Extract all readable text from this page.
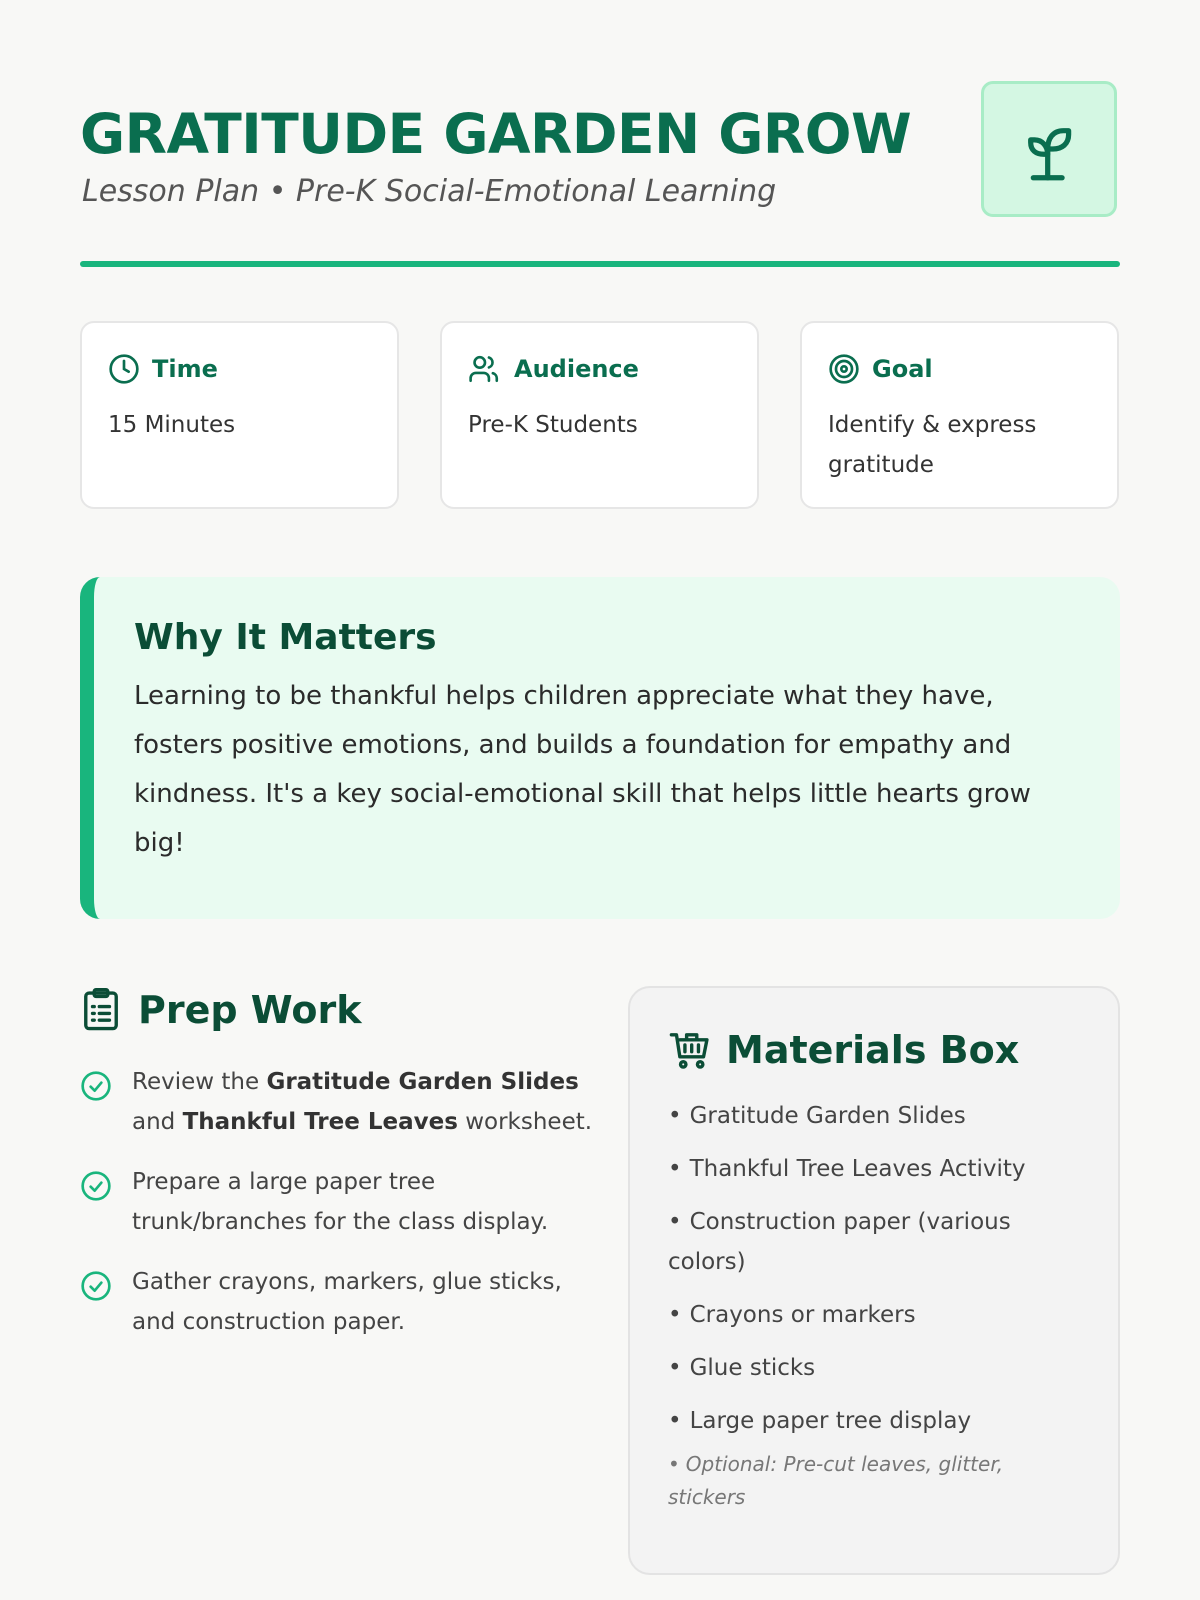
GRATITUDE GARDEN GROW
Lesson Plan • Pre-K Social-Emotional Learning
Time
15 Minutes
Audience
Pre-K Students
Goal
Identify & express gratitude
Why It Matters

Learning to be thankful helps children appreciate what they have, fosters positive emotions, and builds a foundation for empathy and kindness. It's a key social-emotional skill that helps little hearts grow big!

Prep Work
Review the Gratitude Garden Slides and Thankful Tree Leaves worksheet.
Prepare a large paper tree trunk/branches for the class display.
Gather crayons, markers, glue sticks, and construction paper.
Materials Box
• Gratitude Garden Slides
• Thankful Tree Leaves Activity
• Construction paper (various colors)
• Crayons or markers
• Glue sticks
• Large paper tree display
• Optional: Pre-cut leaves, glitter, stickers
